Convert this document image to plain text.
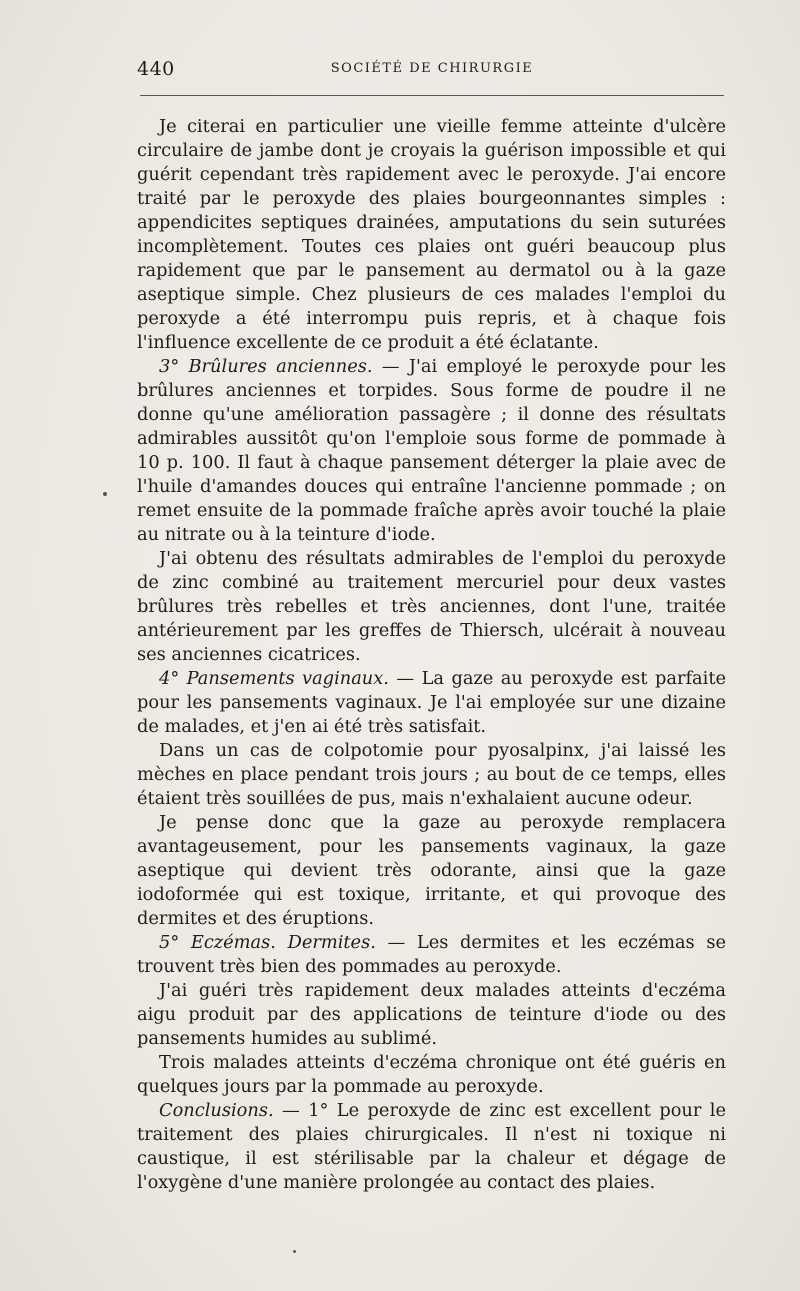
440	SOCIÉTÉ DE CHIRURGIE

Je citerai en particulier une vieille femme atteinte d'ulcère circulaire de jambe dont je croyais la guérison impossible et qui guérit cependant très rapidement avec le peroxyde. J'ai encore traité par le peroxyde des plaies bourgeonnantes simples : appendicites septiques drainées, amputations du sein suturées incomplètement. Toutes ces plaies ont guéri beaucoup plus rapidement que par le pansement au dermatol ou à la gaze aseptique simple. Chez plusieurs de ces malades l'emploi du peroxyde a été interrompu puis repris, et à chaque fois l'influence excellente de ce produit a été éclatante.

3° Brûlures anciennes. — J'ai employé le peroxyde pour les brûlures anciennes et torpides. Sous forme de poudre il ne donne qu'une amélioration passagère ; il donne des résultats admirables aussitôt qu'on l'emploie sous forme de pommade à 10 p. 100. Il faut à chaque pansement déterger la plaie avec de l'huile d'amandes douces qui entraîne l'ancienne pommade ; on remet ensuite de la pommade fraîche après avoir touché la plaie au nitrate ou à la teinture d'iode.

J'ai obtenu des résultats admirables de l'emploi du peroxyde de zinc combiné au traitement mercuriel pour deux vastes brûlures très rebelles et très anciennes, dont l'une, traitée antérieurement par les greffes de Thiersch, ulcérait à nouveau ses anciennes cicatrices.

4° Pansements vaginaux. — La gaze au peroxyde est parfaite pour les pansements vaginaux. Je l'ai employée sur une dizaine de malades, et j'en ai été très satisfait.

Dans un cas de colpotomie pour pyosalpinx, j'ai laissé les mèches en place pendant trois jours ; au bout de ce temps, elles étaient très souillées de pus, mais n'exhalaient aucune odeur.

Je pense donc que la gaze au peroxyde remplacera avantageusement, pour les pansements vaginaux, la gaze aseptique qui devient très odorante, ainsi que la gaze iodoformée qui est toxique, irritante, et qui provoque des dermites et des éruptions.

5° Eczémas. Dermites. — Les dermites et les eczémas se trouvent très bien des pommades au peroxyde.

J'ai guéri très rapidement deux malades atteints d'eczéma aigu produit par des applications de teinture d'iode ou des pansements humides au sublimé.

Trois malades atteints d'eczéma chronique ont été guéris en quelques jours par la pommade au peroxyde.

Conclusions. — 1° Le peroxyde de zinc est excellent pour le traitement des plaies chirurgicales. Il n'est ni toxique ni caustique, il est stérilisable par la chaleur et dégage de l'oxygène d'une manière prolongée au contact des plaies.
